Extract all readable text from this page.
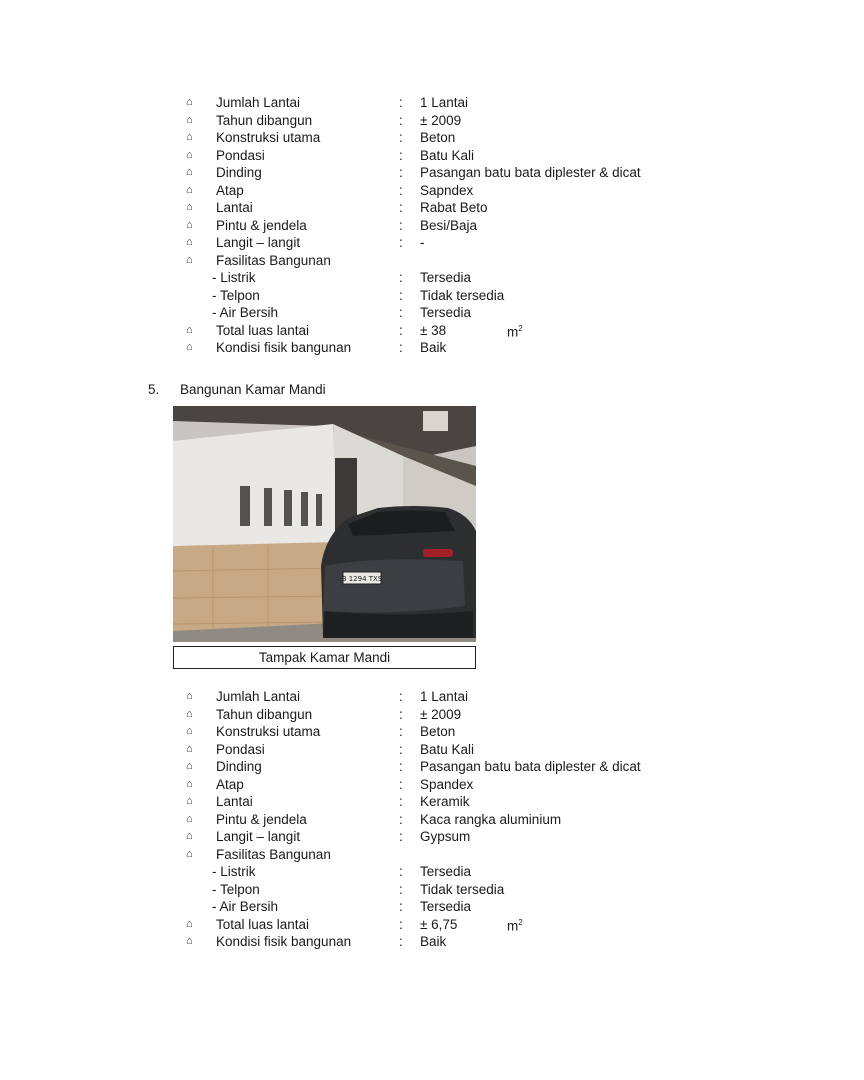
⌂ Jumlah Lantai	: 1 Lantai
⌂ Tahun dibangun	: ± 2009
⌂ Konstruksi utama	: Beton
⌂ Pondasi	: Batu Kali
⌂ Dinding	: Pasangan batu bata diplester & dicat
⌂ Atap	: Sapndex
⌂ Lantai	: Rabat Beto
⌂ Pintu & jendela	: Besi/Baja
⌂ Langit – langit	: -
⌂ Fasilitas Bangunan
- Listrik	: Tersedia
- Telpon	: Tidak tersedia
- Air Bersih	: Tersedia
⌂ Total luas lantai	: ± 38	$m^2$
⌂ Kondisi fisik bangunan	: Baik
5. Bangunan Kamar Mandi
B 1294 TXS
Tampak Kamar Mandi
⌂ Jumlah Lantai	: 1 Lantai
⌂ Tahun dibangun	: ± 2009
⌂ Konstruksi utama	: Beton
⌂ Pondasi	: Batu Kali
⌂ Dinding	: Pasangan batu bata diplester & dicat
⌂ Atap	: Spandex
⌂ Lantai	: Keramik
⌂ Pintu & jendela	: Kaca rangka aluminium
⌂ Langit – langit	: Gypsum
⌂ Fasilitas Bangunan
- Listrik	: Tersedia
- Telpon	: Tidak tersedia
- Air Bersih	: Tersedia
⌂ Total luas lantai	: ± 6,75	$m^2$
⌂ Kondisi fisik bangunan	: Baik
